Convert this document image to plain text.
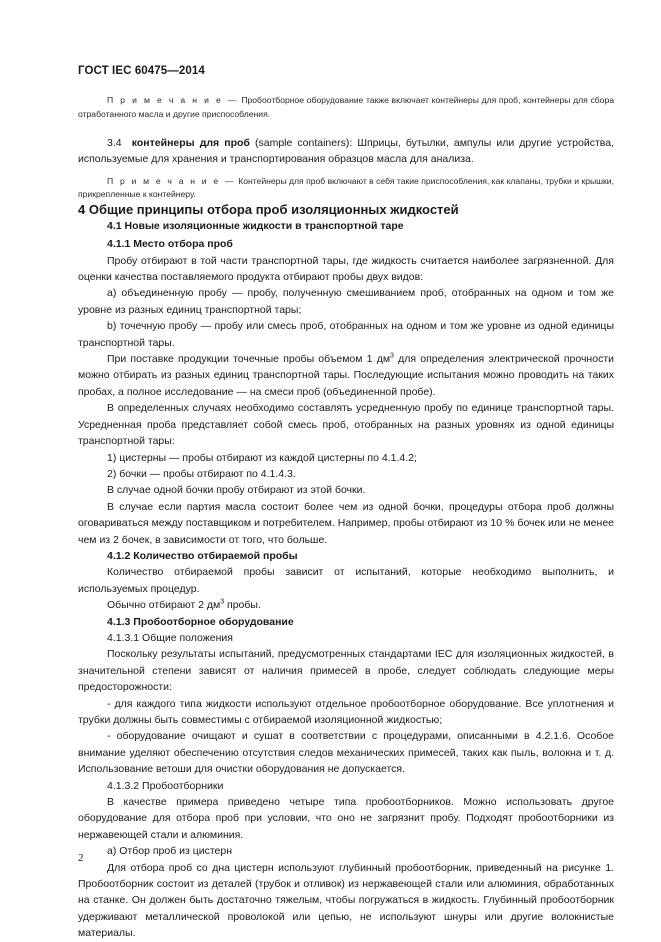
ГОСТ IEC 60475—2014

П р и м е ч а н и е — Пробоотборное оборудование также включает контейнеры для проб, контейнеры для сбора отработанного масла и другие приспособления.

3.4 контейнеры для проб (sample containers): Шприцы, бутылки, ампулы или другие устройства, используемые для хранения и транспортирования образцов масла для анализа.

П р и м е ч а н и е — Контейнеры для проб включают в себя такие приспособления, как клапаны, трубки и крышки, прикрепленные к контейнеру.

4 Общие принципы отбора проб изоляционных жидкостей

4.1 Новые изоляционные жидкости в транспортной таре

4.1.1 Место отбора проб

Пробу отбирают в той части транспортной тары, где жидкость считается наиболее загрязненной. Для оценки качества поставляемого продукта отбирают пробы двух видов:

a) объединенную пробу — пробу, полученную смешиванием проб, отобранных на одном и том же уровне из разных единиц транспортной тары;

b) точечную пробу — пробу или смесь проб, отобранных на одном и том же уровне из одной единицы транспортной тары.

При поставке продукции точечные пробы объемом 1 $дм^3$ для определения электрической прочности можно отбирать из разных единиц транспортной тары. Последующие испытания можно проводить на таких пробах, а полное исследование — на смеси проб (объединенной пробе).

В определенных случаях необходимо составлять усредненную пробу по единице транспортной тары. Усредненная проба представляет собой смесь проб, отобранных на разных уровнях из одной единицы транспортной тары:

1) цистерны — пробы отбирают из каждой цистерны по 4.1.4.2;

2) бочки — пробы отбирают по 4.1.4.3.

В случае одной бочки пробу отбирают из этой бочки.

В случае если партия масла состоит более чем из одной бочки, процедуры отбора проб должны оговариваться между поставщиком и потребителем. Например, пробы отбирают из 10 % бочек или не менее чем из 2 бочек, в зависимости от того, что больше.

4.1.2 Количество отбираемой пробы

Количество отбираемой пробы зависит от испытаний, которые необходимо выполнить, и используемых процедур.

Обычно отбирают 2 $дм^3$ пробы.

4.1.3 Пробоотборное оборудование

4.1.3.1 Общие положения

Поскольку результаты испытаний, предусмотренных стандартами IEC для изоляционных жидкостей, в значительной степени зависят от наличия примесей в пробе, следует соблюдать следующие меры предосторожности:

- для каждого типа жидкости используют отдельное пробоотборное оборудование. Все уплотнения и трубки должны быть совместимы с отбираемой изоляционной жидкостью;

- оборудование очищают и сушат в соответствии с процедурами, описанными в 4.2.1.6. Особое внимание уделяют обеспечению отсутствия следов механических примесей, таких как пыль, волокна и т. д. Использование ветоши для очистки оборудования не допускается.

4.1.3.2 Пробоотборники

В качестве примера приведено четыре типа пробоотборников. Можно использовать другое оборудование для отбора проб при условии, что оно не загрязнит пробу. Подходят пробоотборники из нержавеющей стали и алюминия.

a) Отбор проб из цистерн

Для отбора проб со дна цистерн используют глубинный пробоотборник, приведенный на рисунке 1. Пробоотборник состоит из деталей (трубок и отливок) из нержавеющей стали или алюминия, обработанных на станке. Он должен быть достаточно тяжелым, чтобы погружаться в жидкость. Глубинный пробоотборник удерживают металлической проволокой или цепью, не используют шнуры или другие волокнистые материалы.

2
